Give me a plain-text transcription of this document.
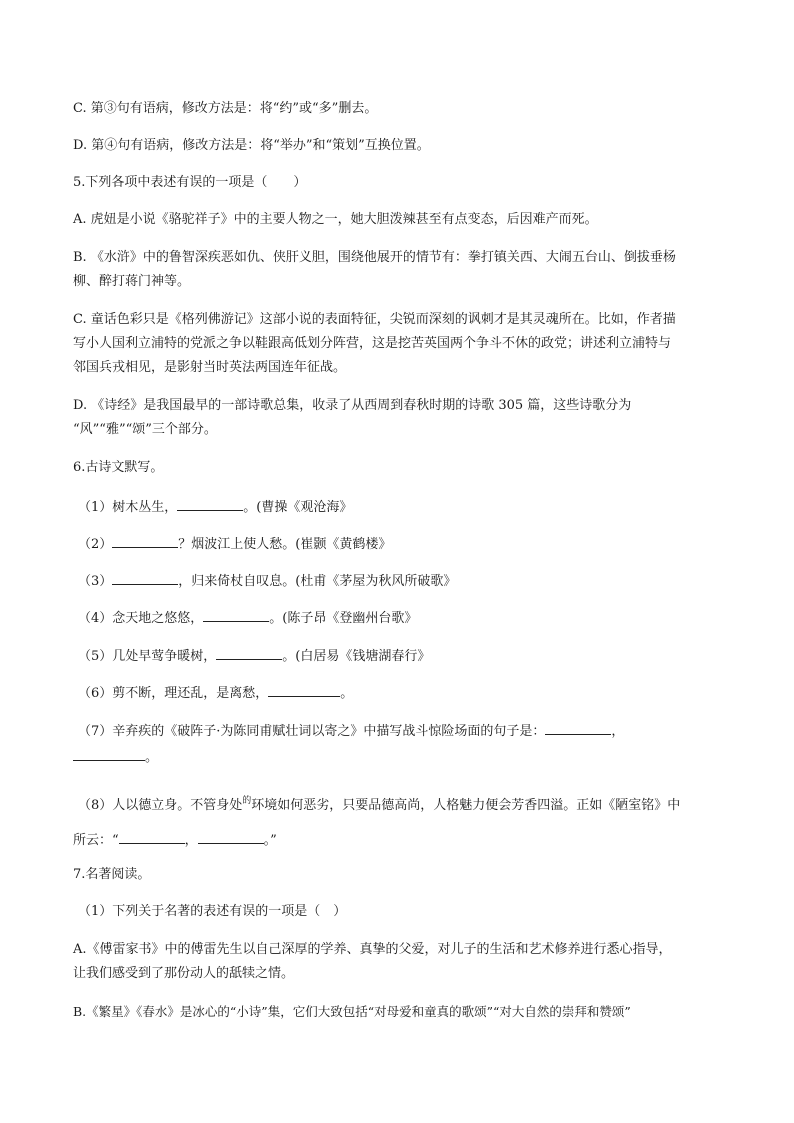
C. 第③句有语病，修改方法是：将“约”或“多”删去。
D. 第④句有语病，修改方法是：将“举办”和“策划”互换位置。
5.下列各项中表述有误的一项是（　　）
A. 虎妞是小说《骆驼祥子》中的主要人物之一，她大胆泼辣甚至有点变态，后因难产而死。
B. 《水浒》中的鲁智深疾恶如仇、侠肝义胆，围绕他展开的情节有：拳打镇关西、大闹五台山、倒拔垂杨
柳、醉打蒋门神等。
C. 童话色彩只是《格列佛游记》这部小说的表面特征，尖锐而深刻的讽刺才是其灵魂所在。比如，作者描
写小人国利立浦特的党派之争以鞋跟高低划分阵营，这是挖苦英国两个争斗不休的政党；讲述利立浦特与
邻国兵戎相见，是影射当时英法两国连年征战。
D. 《诗经》是我国最早的一部诗歌总集，收录了从西周到春秋时期的诗歌 305 篇，这些诗歌分为
“风”“雅”“颂”三个部分。
6.古诗文默写。
（1）树木丛生，	。(曹操《观沧海》
（2）	？烟波江上使人愁。(崔颢《黄鹤楼》
（3）	，归来倚杖自叹息。(杜甫《茅屋为秋风所破歌》
（4）念天地之悠悠，	。(陈子昂《登幽州台歌》
（5）几处早莺争暖树，	。(白居易《钱塘湖春行》
（6）剪不断，理还乱，是离愁，	。
（7）辛弃疾的《破阵子·为陈同甫赋壮词以寄之》中描写战斗惊险场面的句子是：	，
。
（8）人以德立身。不管身处$^的$环境如何恶劣，只要品德高尚，人格魅力便会芳香四溢。正如《陋室铭》中
所云：“	，	。”
7.名著阅读。
（1）下列关于名著的表述有误的一项是（　）
A.《傅雷家书》中的傅雷先生以自己深厚的学养、真挚的父爱，对儿子的生活和艺术修养进行悉心指导，
让我们感受到了那份动人的舐犊之情。
B.《繁星》《春水》是冰心的“小诗”集，它们大致包括“对母爱和童真的歌颂”“对大自然的崇拜和赞颂”
